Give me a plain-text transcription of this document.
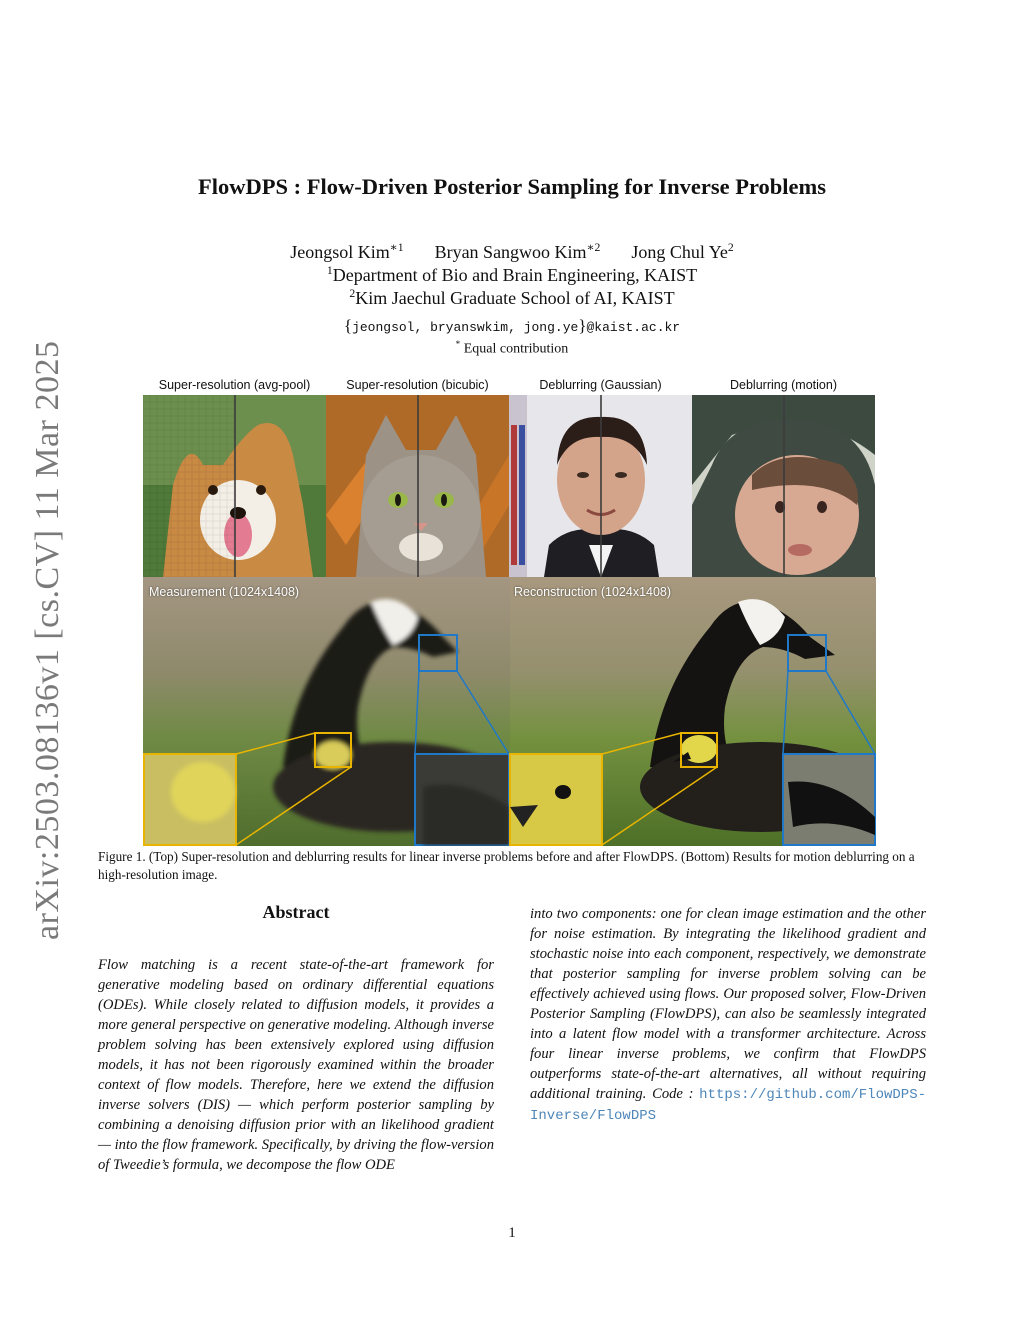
arXiv:2503.08136v1 [cs.CV] 11 Mar 2025
FlowDPS : Flow-Driven Posterior Sampling for Inverse Problems
Jeongsol Kim$^{∗1}$ Bryan Sangwoo Kim$^{∗2}$ Jong Chul Ye$^2$
$^1$Department of Bio and Brain Engineering, KAIST
$^2$Kim Jaechul Graduate School of AI, KAIST
{jeongsol, bryanswkim, jong.ye}@kaist.ac.kr
* Equal contribution
Super-resolution (avg-pool)	Super-resolution (bicubic)	Deblurring (Gaussian)	Deblurring (motion)
Measurement (1024x1408)	Reconstruction (1024x1408)
Figure 1. (Top) Super-resolution and deblurring results for linear inverse problems before and after FlowDPS. (Bottom) Results for motion deblurring on a high-resolution image.
Abstract

Flow matching is a recent state-of-the-art framework for generative modeling based on ordinary differential equations (ODEs). While closely related to diffusion models, it provides a more general perspective on generative modeling. Although inverse problem solving has been extensively explored using diffusion models, it has not been rigorously examined within the broader context of flow models. Therefore, here we extend the diffusion inverse solvers (DIS) — which perform posterior sampling by combining a denoising diffusion prior with an likelihood gradient — into the flow framework. Specifically, by driving the flow-version of Tweedie’s formula, we decompose the flow ODE

into two components: one for clean image estimation and the other for noise estimation. By integrating the likelihood gradient and stochastic noise into each component, respectively, we demonstrate that posterior sampling for inverse problem solving can be effectively achieved using flows. Our proposed solver, Flow-Driven Posterior Sampling (FlowDPS), can also be seamlessly integrated into a latent flow model with a transformer architecture. Across four linear inverse problems, we confirm that FlowDPS outperforms state-of-the-art alternatives, all without requiring additional training. Code : https://github.com/FlowDPS-Inverse/FlowDPS

1
